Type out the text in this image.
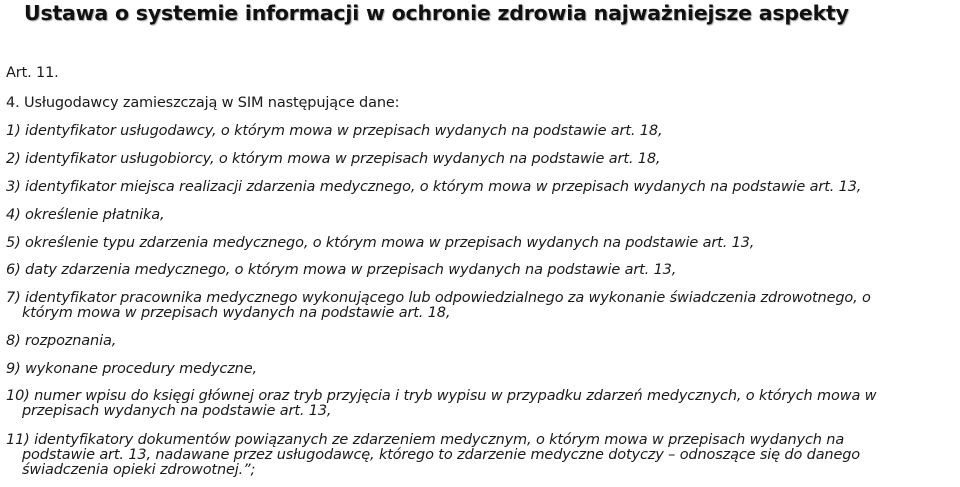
Ustawa o systemie informacji w ochronie zdrowia najważniejsze aspekty
Art. 11.
4. Usługodawcy zamieszczają w SIM następujące dane:
1) identyfikator usługodawcy, o którym mowa w przepisach wydanych na podstawie art. 18,
2) identyfikator usługobiorcy, o którym mowa w przepisach wydanych na podstawie art. 18,
3) identyfikator miejsca realizacji zdarzenia medycznego, o którym mowa w przepisach wydanych na podstawie art. 13,
4) określenie płatnika,
5) określenie typu zdarzenia medycznego, o którym mowa w przepisach wydanych na podstawie art. 13,
6) daty zdarzenia medycznego, o którym mowa w przepisach wydanych na podstawie art. 13,
7) identyfikator pracownika medycznego wykonującego lub odpowiedzialnego za wykonanie świadczenia zdrowotnego, o
którym mowa w przepisach wydanych na podstawie art. 18,
8) rozpoznania,
9) wykonane procedury medyczne,
10) numer wpisu do księgi głównej oraz tryb przyjęcia i tryb wypisu w przypadku zdarzeń medycznych, o których mowa w
przepisach wydanych na podstawie art. 13,
11) identyfikatory dokumentów powiązanych ze zdarzeniem medycznym, o którym mowa w przepisach wydanych na
podstawie art. 13, nadawane przez usługodawcę, którego to zdarzenie medyczne dotyczy – odnoszące się do danego
świadczenia opieki zdrowotnej.”;
